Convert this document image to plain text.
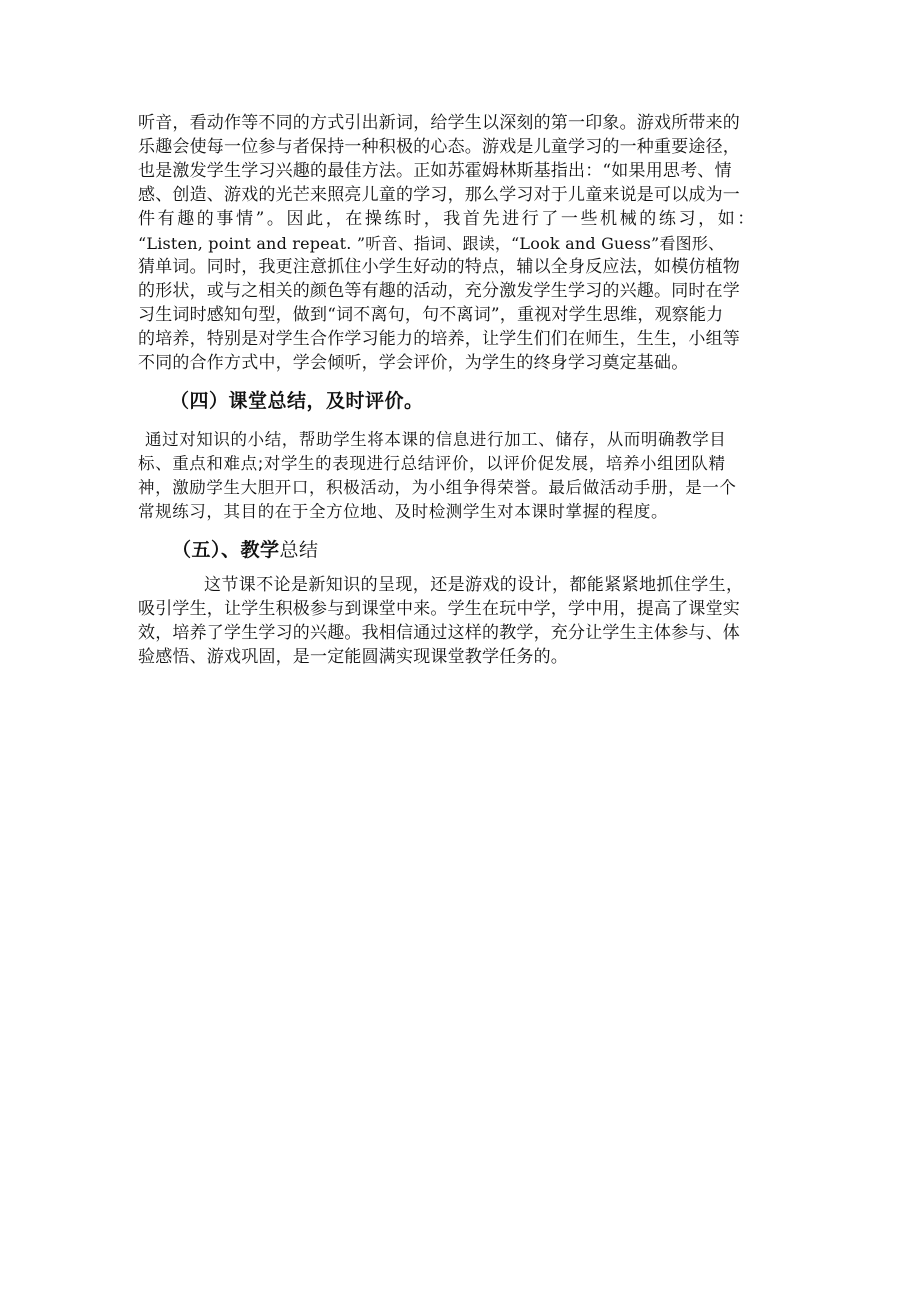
听音，看动作等不同的方式引出新词，给学生以深刻的第一印象。游戏所带来的
乐趣会使每一位参与者保持一种积极的心态。游戏是儿童学习的一种重要途径，
也是激发学生学习兴趣的最佳方法。正如苏霍姆林斯基指出：“如果用思考、情
感、创造、游戏的光芒来照亮儿童的学习，那么学习对于儿童来说是可以成为一
件有趣的事情”。因此，在操练时，我首先进行了一些机械的练习，如：
“Listen, point and repeat. ”听音、指词、跟读，“Look and Guess”看图形、
猜单词。同时，我更注意抓住小学生好动的特点，辅以全身反应法，如模仿植物
的形状，或与之相关的颜色等有趣的活动，充分激发学生学习的兴趣。同时在学
习生词时感知句型，做到“词不离句，句不离词”，重视对学生思维，观察能力
的培养，特别是对学生合作学习能力的培养，让学生们们在师生，生生，小组等
不同的合作方式中，学会倾听，学会评价，为学生的终身学习奠定基础。
（四）课堂总结，及时评价。
通过对知识的小结，帮助学生将本课的信息进行加工、储存，从而明确教学目
标、重点和难点;对学生的表现进行总结评价，以评价促发展，培养小组团队精
神，激励学生大胆开口，积极活动，为小组争得荣誉。最后做活动手册，是一个
常规练习，其目的在于全方位地、及时检测学生对本课时掌握的程度。
（五）、教学总结
这节课不论是新知识的呈现，还是游戏的设计，都能紧紧地抓住学生，
吸引学生，让学生积极参与到课堂中来。学生在玩中学，学中用，提高了课堂实
效，培养了学生学习的兴趣。我相信通过这样的教学，充分让学生主体参与、体
验感悟、游戏巩固，是一定能圆满实现课堂教学任务的。
